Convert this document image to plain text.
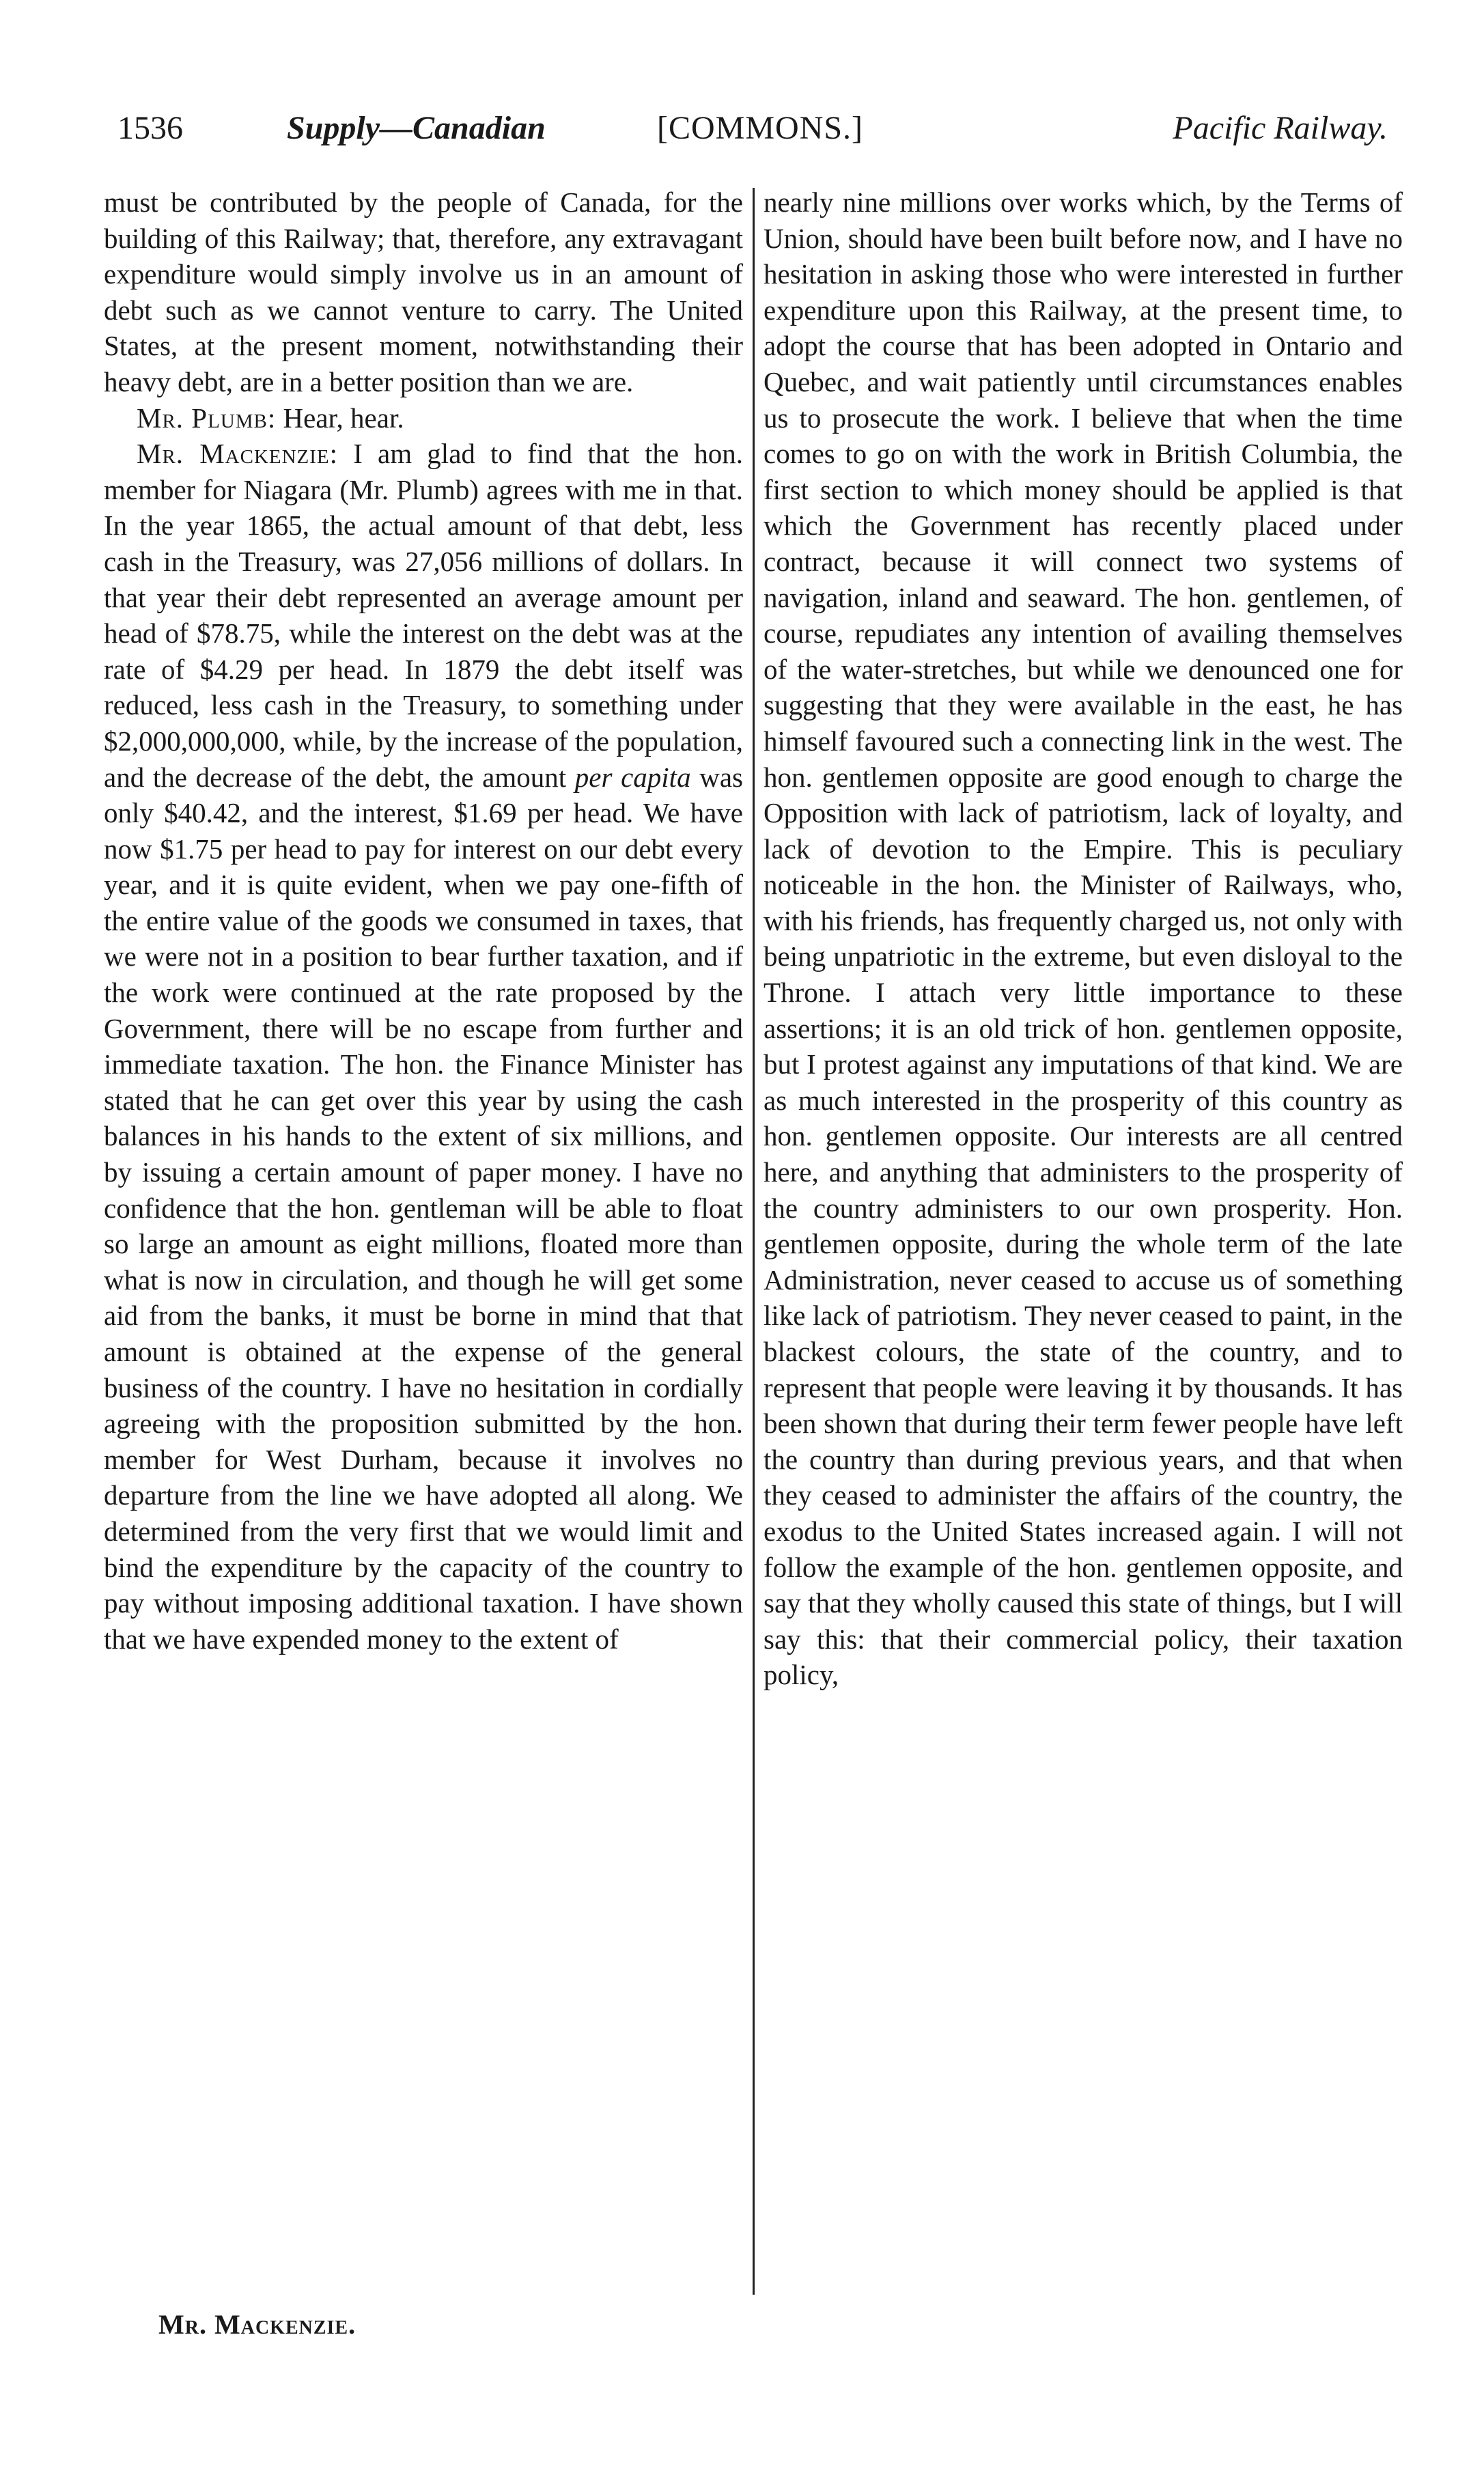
1536	Supply—Canadian	[COMMONS.]	Pacific Railway.

must be contributed by the people of Canada, for the building of this Railway; that, therefore, any extravagant expenditure would simply involve us in an amount of debt such as we cannot venture to carry. The United States, at the present moment, notwithstanding their heavy debt, are in a better position than we are.

Mr. Plumb: Hear, hear.

Mr. Mackenzie: I am glad to find that the hon. member for Niagara (Mr. Plumb) agrees with me in that. In the year 1865, the actual amount of that debt, less cash in the Treasury, was 27,056 millions of dollars. In that year their debt represented an average amount per head of $78.75, while the interest on the debt was at the rate of $4.29 per head. In 1879 the debt itself was reduced, less cash in the Treasury, to something under $2,000,000,000, while, by the increase of the population, and the decrease of the debt, the amount per capita was only $40.42, and the interest, $1.69 per head. We have now $1.75 per head to pay for interest on our debt every year, and it is quite evident, when we pay one-fifth of the entire value of the goods we consumed in taxes, that we were not in a position to bear further taxation, and if the work were continued at the rate proposed by the Government, there will be no escape from further and immediate taxation. The hon. the Finance Minister has stated that he can get over this year by using the cash balances in his hands to the extent of six millions, and by issuing a certain amount of paper money. I have no confidence that the hon. gentleman will be able to float so large an amount as eight millions, floated more than what is now in circulation, and though he will get some aid from the banks, it must be borne in mind that that amount is obtained at the expense of the general business of the country. I have no hesitation in cordially agreeing with the proposition submitted by the hon. member for West Durham, because it involves no departure from the line we have adopted all along. We determined from the very first that we would limit and bind the expenditure by the capacity of the country to pay without imposing additional taxation. I have shown that we have expended money to the extent of

nearly nine millions over works which, by the Terms of Union, should have been built before now, and I have no hesitation in asking those who were interested in further expenditure upon this Railway, at the present time, to adopt the course that has been adopted in Ontario and Quebec, and wait patiently until circumstances enables us to prosecute the work. I believe that when the time comes to go on with the work in British Columbia, the first section to which money should be applied is that which the Government has recently placed under contract, because it will connect two systems of navigation, inland and seaward. The hon. gentlemen, of course, repudiates any intention of availing themselves of the water-stretches, but while we denounced one for suggesting that they were available in the east, he has himself favoured such a connecting link in the west. The hon. gentlemen opposite are good enough to charge the Opposition with lack of patriotism, lack of loyalty, and lack of devotion to the Empire. This is peculiary noticeable in the hon. the Minister of Railways, who, with his friends, has frequently charged us, not only with being unpatriotic in the extreme, but even disloyal to the Throne. I attach very little importance to these assertions; it is an old trick of hon. gentlemen opposite, but I protest against any imputations of that kind. We are as much interested in the prosperity of this country as hon. gentlemen opposite. Our interests are all centred here, and anything that administers to the prosperity of the country administers to our own prosperity. Hon. gentlemen opposite, during the whole term of the late Administration, never ceased to accuse us of something like lack of patriotism. They never ceased to paint, in the blackest colours, the state of the country, and to represent that people were leaving it by thousands. It has been shown that during their term fewer people have left the country than during previous years, and that when they ceased to administer the affairs of the country, the exodus to the United States increased again. I will not follow the example of the hon. gentlemen opposite, and say that they wholly caused this state of things, but I will say this: that their commercial policy, their taxation policy,

Mr. Mackenzie.
